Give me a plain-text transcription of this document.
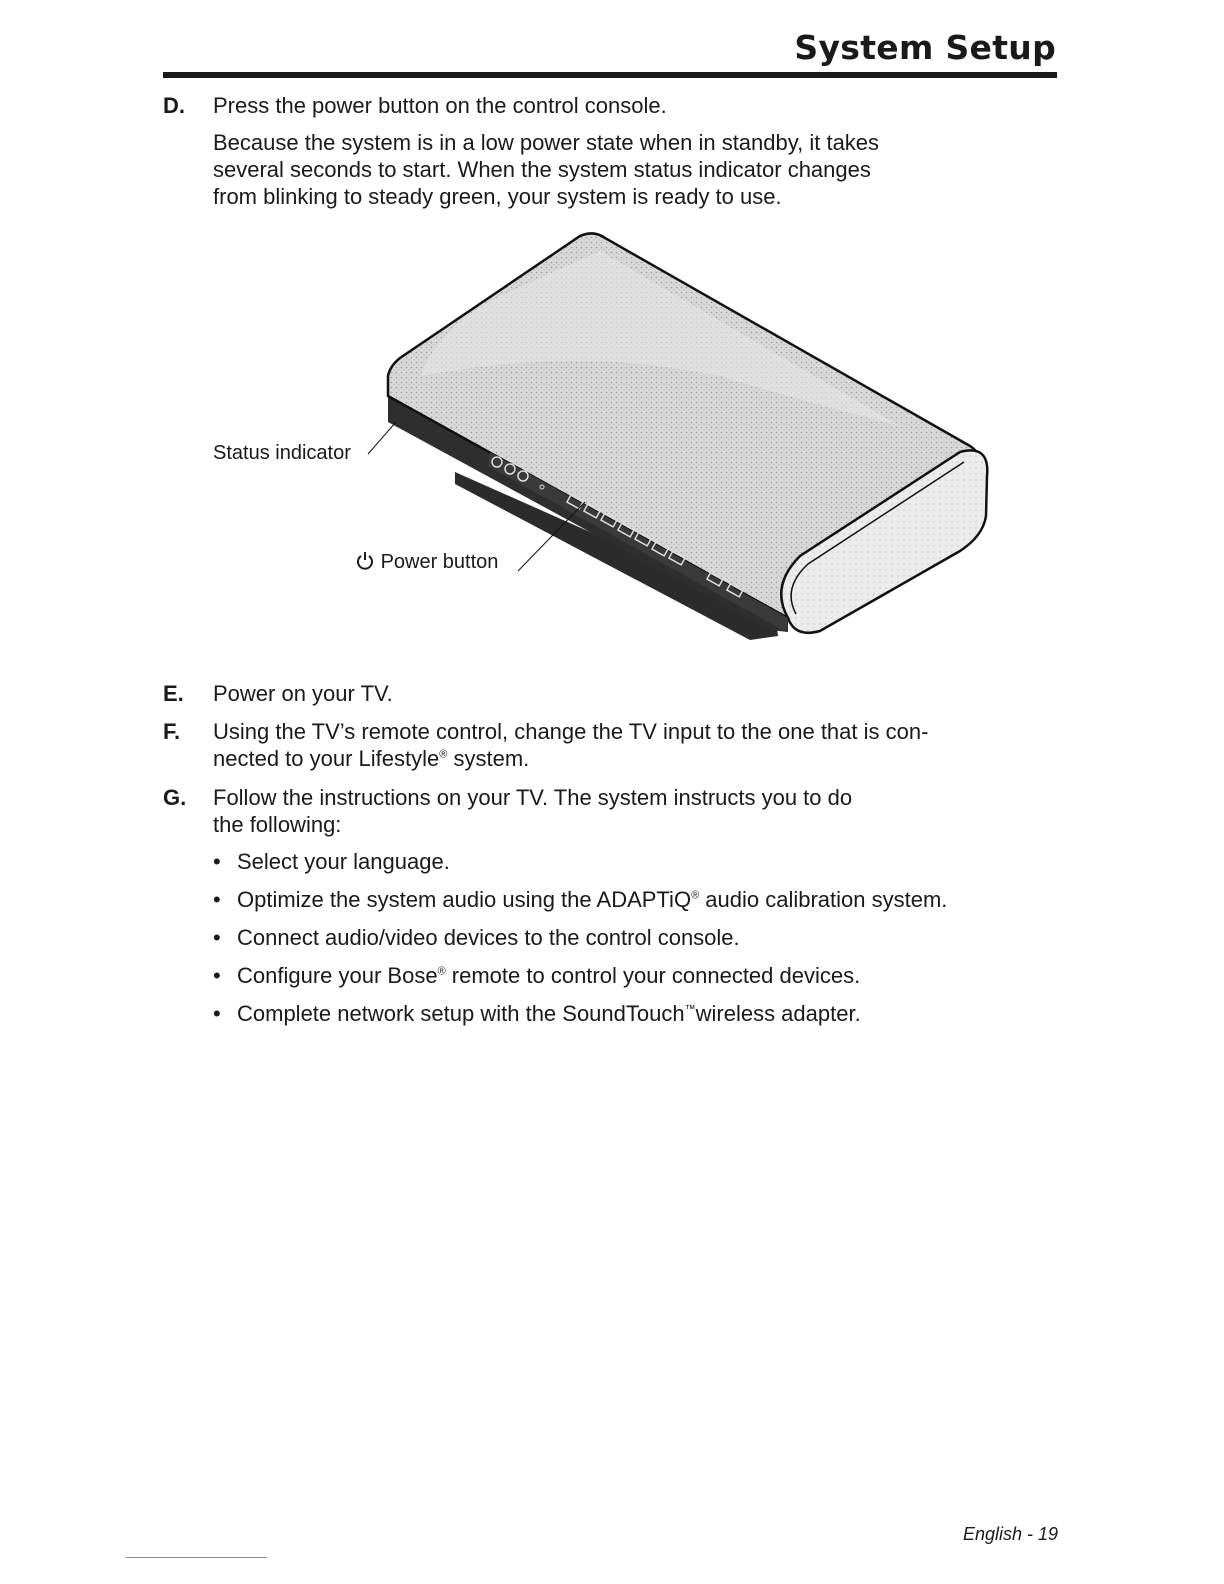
System Setup
D. Press the power button on the control console.

Because the system is in a low power state when in standby, it takes
several seconds to start. When the system status indicator changes
from blinking to steady green, your system is ready to use.
Status indicator
Power button
E. Power on your TV.
F. Using the TV’s remote control, change the TV input to the one that is con-
nected to your Lifestyle® system.
G. Follow the instructions on your TV. The system instructs you to do
the following:
• Select your language.
• Optimize the system audio using the ADAPTiQ® audio calibration system.
• Connect audio/video devices to the control console.
• Configure your Bose® remote to control your connected devices.
• Complete network setup with the SoundTouch™wireless adapter.
English - 19
